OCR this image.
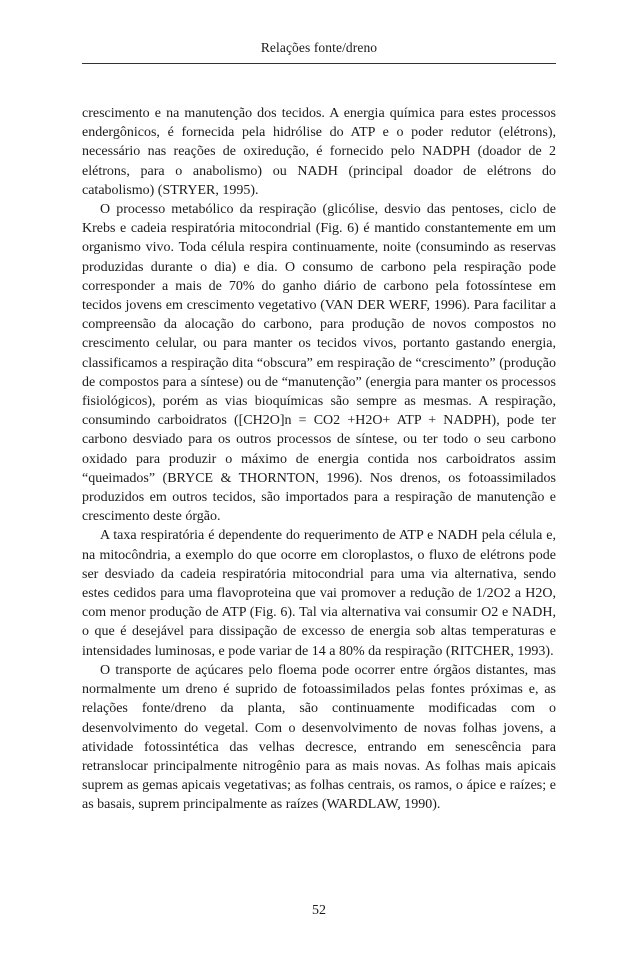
Relações fonte/dreno

crescimento e na manutenção dos tecidos. A energia química para estes processos endergônicos, é fornecida pela hidrólise do ATP e o poder redutor (elétrons), necessário nas reações de oxiredução, é fornecido pelo NADPH (doador de 2 elétrons, para o anabolismo) ou NADH (principal doador de elétrons do catabolismo) (STRYER, 1995).

O processo metabólico da respiração (glicólise, desvio das pentoses, ciclo de Krebs e cadeia respiratória mitocondrial (Fig. 6) é mantido constantemente em um organismo vivo. Toda célula respira continuamente, noite (consumindo as reservas produzidas durante o dia) e dia. O consumo de carbono pela respiração pode corresponder a mais de 70% do ganho diário de carbono pela fotossíntese em tecidos jovens em crescimento vegetativo (VAN DER WERF, 1996). Para facilitar a compreensão da alocação do carbono, para produção de novos compostos no crescimento celular, ou para manter os tecidos vivos, portanto gastando energia, classificamos a respiração dita “obscura” em respiração de “crescimento” (produção de compostos para a síntese) ou de “manutenção” (energia para manter os processos fisiológicos), porém as vias bioquímicas são sempre as mesmas. A respiração, consumindo carboidratos ([CH2O]n = CO2 +H2O+ ATP + NADPH), pode ter carbono desviado para os outros processos de síntese, ou ter todo o seu carbono oxidado para produzir o máximo de energia contida nos carboidratos assim “queimados” (BRYCE & THORNTON, 1996). Nos drenos, os fotoassimilados produzidos em outros tecidos, são importados para a respiração de manutenção e crescimento deste órgão.

A taxa respiratória é dependente do requerimento de ATP e NADH pela célula e, na mitocôndria, a exemplo do que ocorre em cloroplastos, o fluxo de elétrons pode ser desviado da cadeia respiratória mitocondrial para uma via alternativa, sendo estes cedidos para uma flavoproteina que vai promover a redução de 1/2O2 a H2O, com menor produção de ATP (Fig. 6). Tal via alternativa vai consumir O2 e NADH, o que é desejável para dissipação de excesso de energia sob altas temperaturas e intensidades luminosas, e pode variar de 14 a 80% da respiração (RITCHER, 1993).

O transporte de açúcares pelo floema pode ocorrer entre órgãos distantes, mas normalmente um dreno é suprido de fotoassimilados pelas fontes próximas e, as relações fonte/dreno da planta, são continuamente modificadas com o desenvolvimento do vegetal. Com o desenvolvimento de novas folhas jovens, a atividade fotossintética das velhas decresce, entrando em senescência para retranslocar principalmente nitrogênio para as mais novas. As folhas mais apicais suprem as gemas apicais vegetativas; as folhas centrais, os ramos, o ápice e raízes; e as basais, suprem principalmente as raízes (WARDLAW, 1990).

52
